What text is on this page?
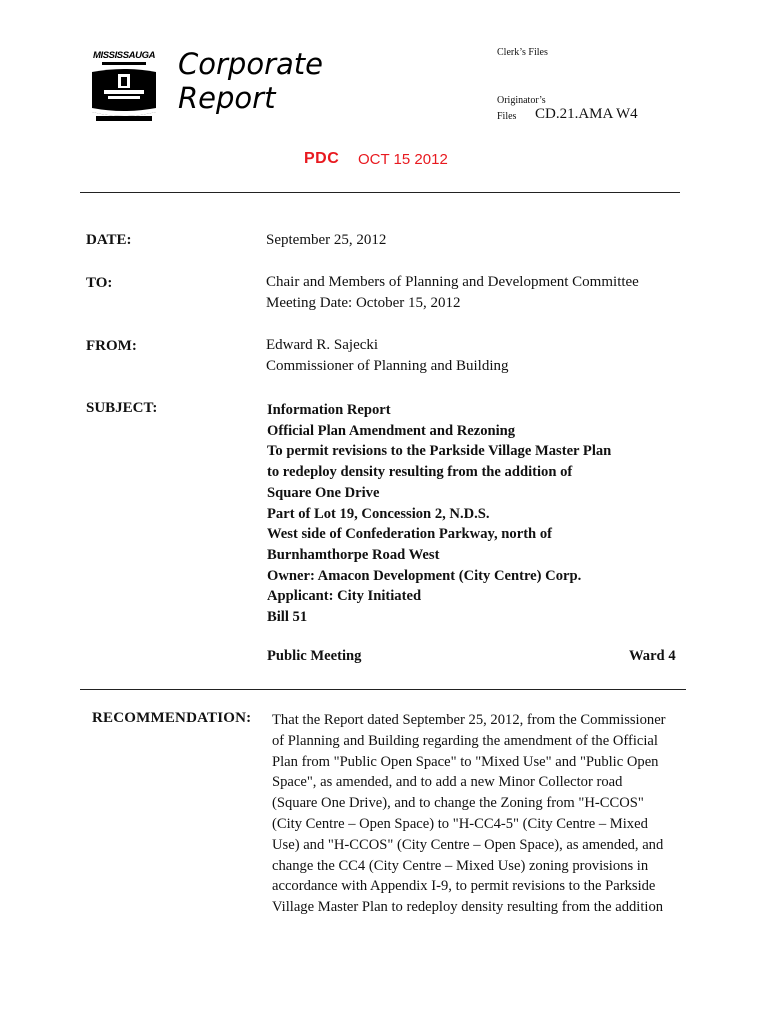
MISSISSAUGA Corporate
Report
Clerk’s Files
Originator’s
Files CD.21.AMA W4
PDC OCT 15 2012
DATE:	September 25, 2012
TO:	Chair and Members of Planning and Development Committee
Meeting Date: October 15, 2012
FROM:	Edward R. Sajecki
Commissioner of Planning and Building
SUBJECT:	Information Report
Official Plan Amendment and Rezoning
To permit revisions to the Parkside Village Master Plan
to redeploy density resulting from the addition of
Square One Drive
Part of Lot 19, Concession 2, N.D.S.
West side of Confederation Parkway, north of
Burnhamthorpe Road West
Owner: Amacon Development (City Centre) Corp.
Applicant: City Initiated
Bill 51
Public Meeting	Ward 4
RECOMMENDATION: That the Report dated September 25, 2012, from the Commissioner
of Planning and Building regarding the amendment of the Official
Plan from "Public Open Space" to "Mixed Use" and "Public Open
Space", as amended, and to add a new Minor Collector road
(Square One Drive), and to change the Zoning from "H-CCOS"
(City Centre – Open Space) to "H-CC4-5" (City Centre – Mixed
Use) and "H-CCOS" (City Centre – Open Space), as amended, and
change the CC4 (City Centre – Mixed Use) zoning provisions in
accordance with Appendix I-9, to permit revisions to the Parkside
Village Master Plan to redeploy density resulting from the addition
